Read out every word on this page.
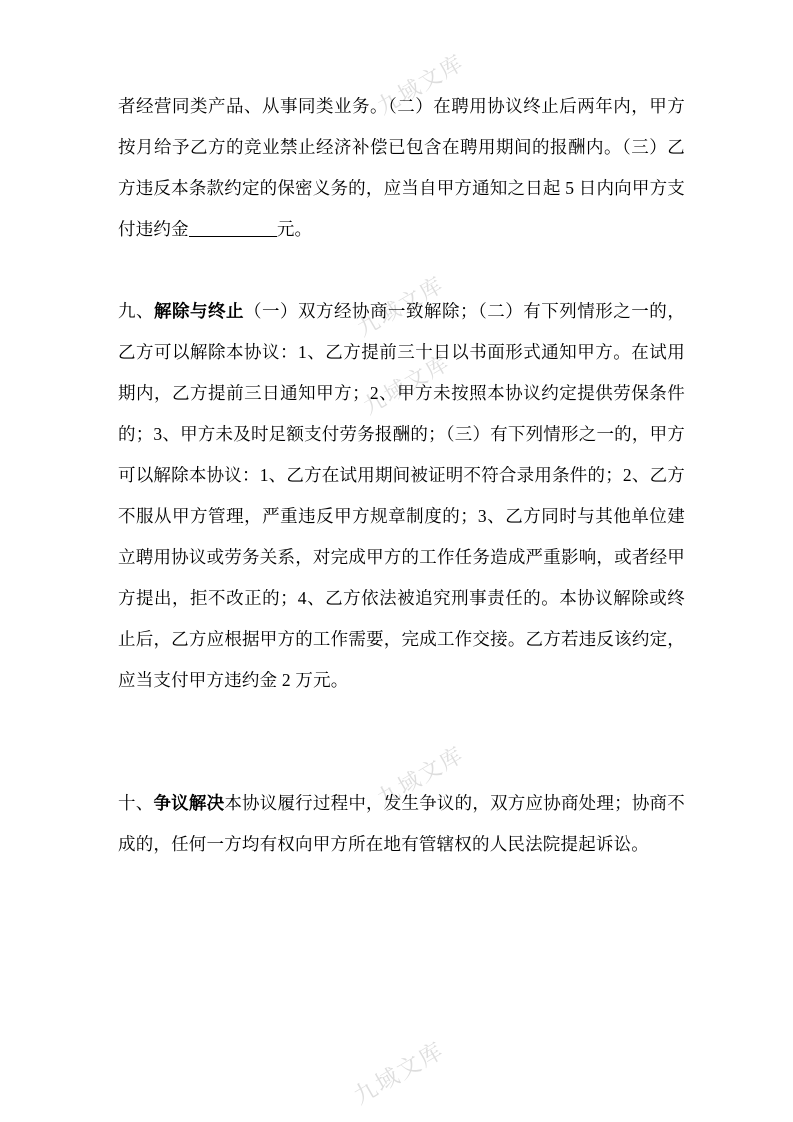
九域文库
九域文库
九域文库
九域文库
九域文库

者经营同类产品、从事同类业务。（二）在聘用协议终止后两年内，甲方按月给予乙方的竞业禁止经济补偿已包含在聘用期间的报酬内。（三）乙方违反本条款约定的保密义务的，应当自甲方通知之日起 5 日内向甲方支付违约金	元。

九、解除与终止（一）双方经协商一致解除；（二）有下列情形之一的，乙方可以解除本协议：1、乙方提前三十日以书面形式通知甲方。在试用期内，乙方提前三日通知甲方；2、甲方未按照本协议约定提供劳保条件的；3、甲方未及时足额支付劳务报酬的；（三）有下列情形之一的，甲方可以解除本协议：1、乙方在试用期间被证明不符合录用条件的；2、乙方不服从甲方管理，严重违反甲方规章制度的；3、乙方同时与其他单位建立聘用协议或劳务关系，对完成甲方的工作任务造成严重影响，或者经甲方提出，拒不改正的；4、乙方依法被追究刑事责任的。本协议解除或终止后，乙方应根据甲方的工作需要，完成工作交接。乙方若违反该约定，应当支付甲方违约金 2 万元。

十、争议解决本协议履行过程中，发生争议的，双方应协商处理；协商不成的，任何一方均有权向甲方所在地有管辖权的人民法院提起诉讼。
